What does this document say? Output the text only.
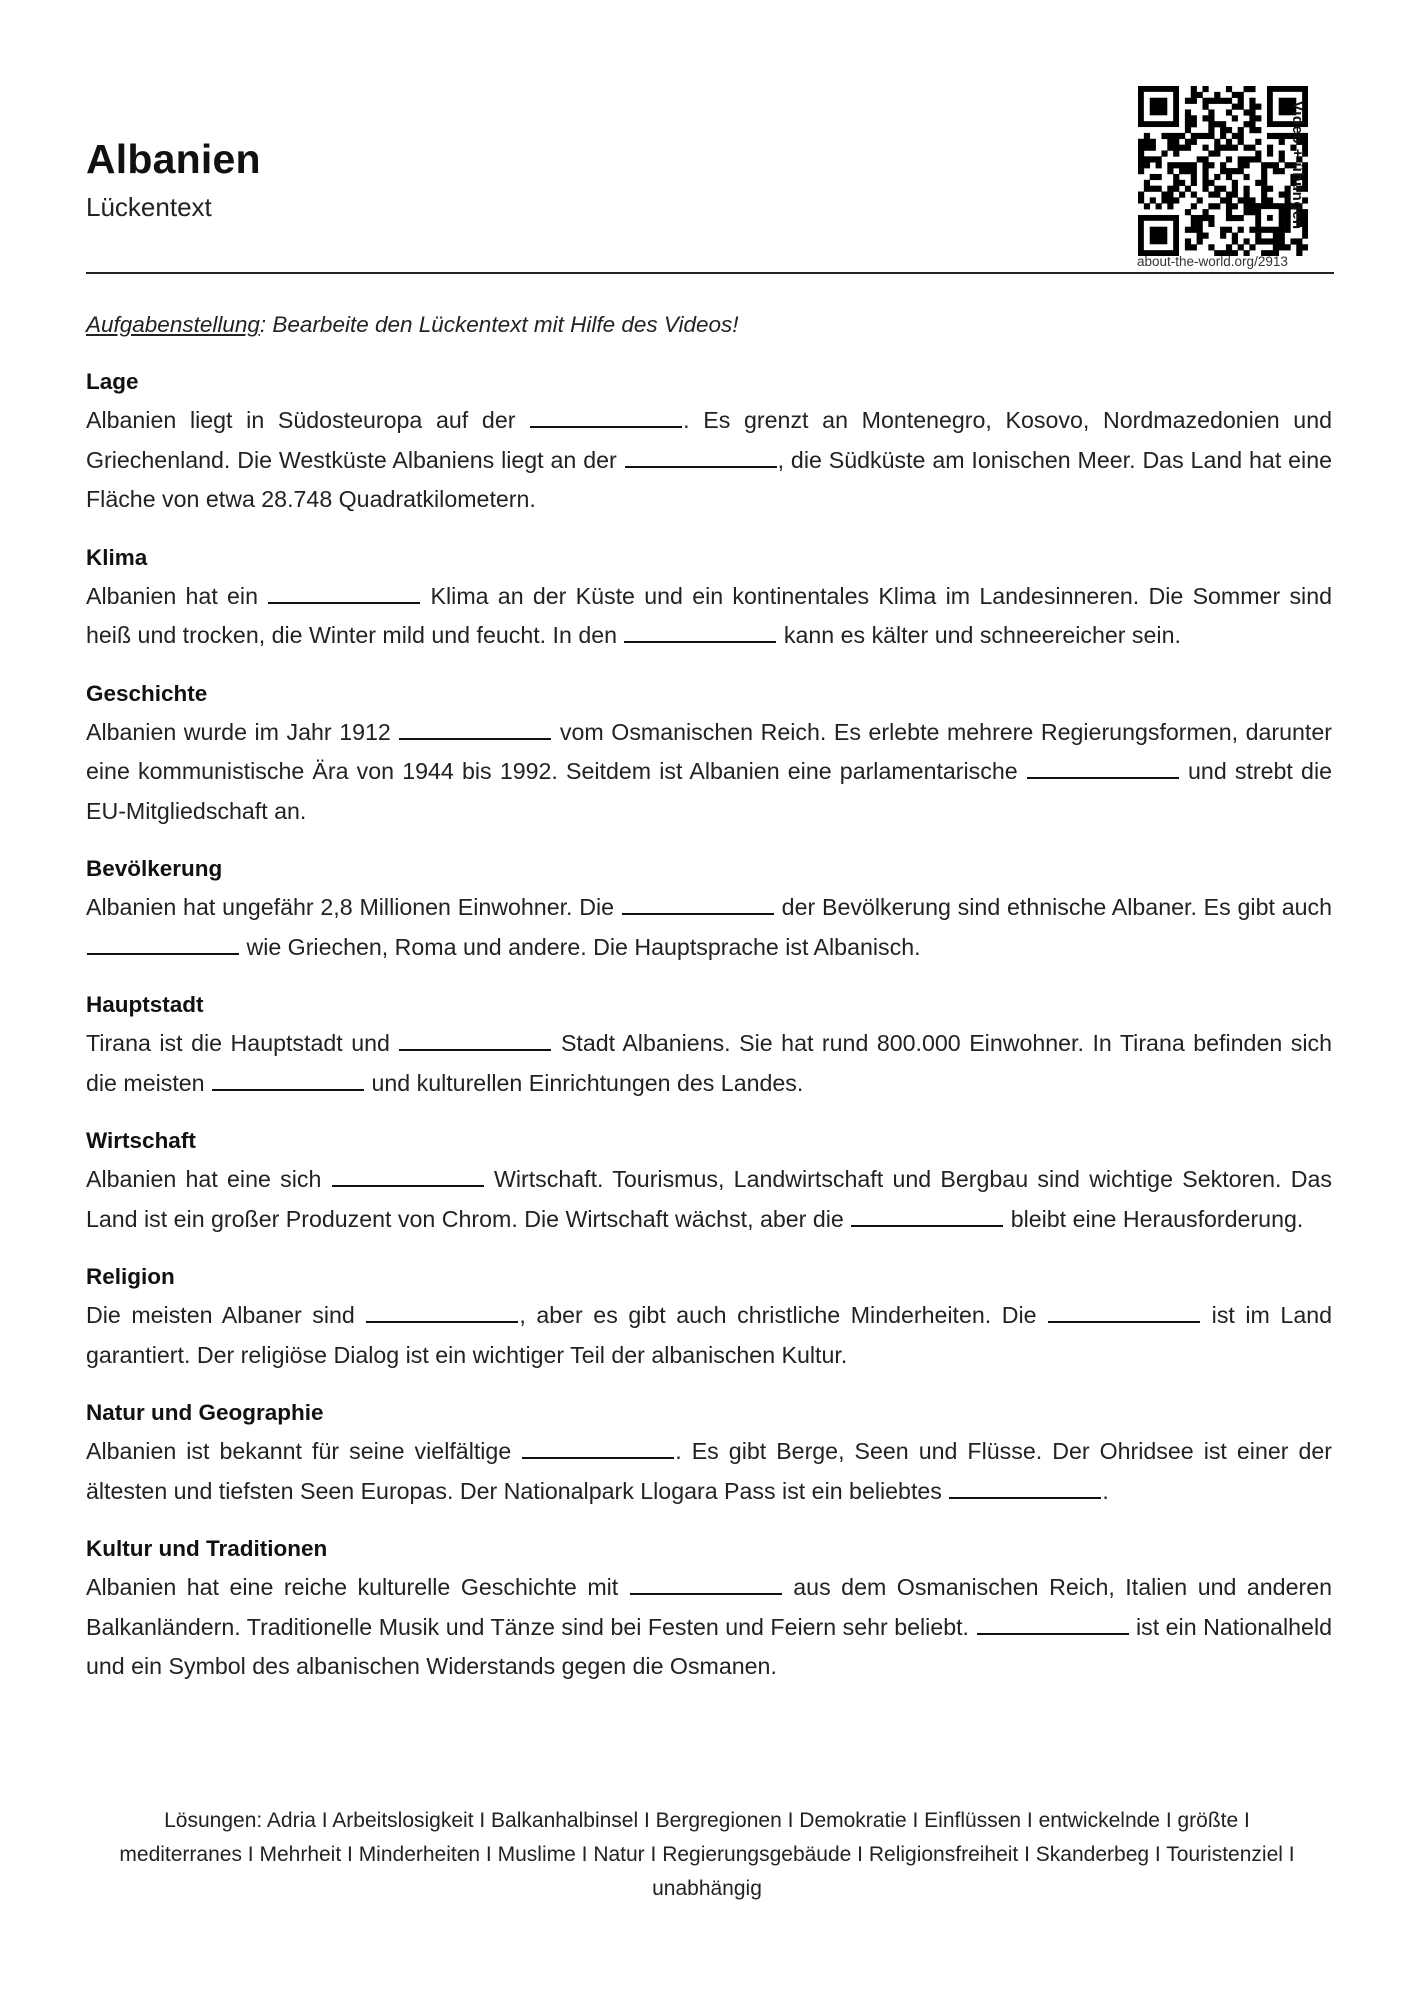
Albanien
Lückentext	Video + übungen
about-the-world.org/2913
Aufgabenstellung: Bearbeite den Lückentext mit Hilfe des Videos!
Lage

Albanien liegt in Südosteuropa auf der	. Es grenzt an Montenegro, Kosovo, Nordmazedonien und Griechenland. Die Westküste Albaniens liegt an der	, die Südküste am Ionischen Meer. Das Land hat eine Fläche von etwa 28.748 Quadratkilometern.

Klima

Albanien hat ein	Klima an der Küste und ein kontinentales Klima im Landesinneren. Die Sommer sind heiß und trocken, die Winter mild und feucht. In den	kann es kälter und schneereicher sein.

Geschichte

Albanien wurde im Jahr 1912	vom Osmanischen Reich. Es erlebte mehrere Regierungsformen, darunter eine kommunistische Ära von 1944 bis 1992. Seitdem ist Albanien eine parlamentarische	und strebt die EU-Mitgliedschaft an.

Bevölkerung

Albanien hat ungefähr 2,8 Millionen Einwohner. Die	der Bevölkerung sind ethnische Albaner. Es gibt auch  wie Griechen, Roma und andere. Die Hauptsprache ist Albanisch.

Hauptstadt

Tirana ist die Hauptstadt und	Stadt Albaniens. Sie hat rund 800.000 Einwohner. In Tirana befinden sich die meisten	und kulturellen Einrichtungen des Landes.

Wirtschaft

Albanien hat eine sich	Wirtschaft. Tourismus, Landwirtschaft und Bergbau sind wichtige Sektoren. Das Land ist ein großer Produzent von Chrom. Die Wirtschaft wächst, aber die	bleibt eine Herausforderung.

Religion

Die meisten Albaner sind	, aber es gibt auch christliche Minderheiten. Die	ist im Land garantiert. Der religiöse Dialog ist ein wichtiger Teil der albanischen Kultur.

Natur und Geographie

Albanien ist bekannt für seine vielfältige	. Es gibt Berge, Seen und Flüsse. Der Ohridsee ist einer der ältesten und tiefsten Seen Europas. Der Nationalpark Llogara Pass ist ein beliebtes	.

Kultur und Traditionen

Albanien hat eine reiche kulturelle Geschichte mit	aus dem Osmanischen Reich, Italien und anderen Balkanländern. Traditionelle Musik und Tänze sind bei Festen und Feiern sehr beliebt.	ist ein Nationalheld und ein Symbol des albanischen Widerstands gegen die Osmanen.

Lösungen: Adria I Arbeitslosigkeit I Balkanhalbinsel I Bergregionen I Demokratie I Einflüssen I entwickelnde I größte I mediterranes I Mehrheit I Minderheiten I Muslime I Natur I Regierungsgebäude I Religionsfreiheit I Skanderbeg I Touristenziel I unabhängig
